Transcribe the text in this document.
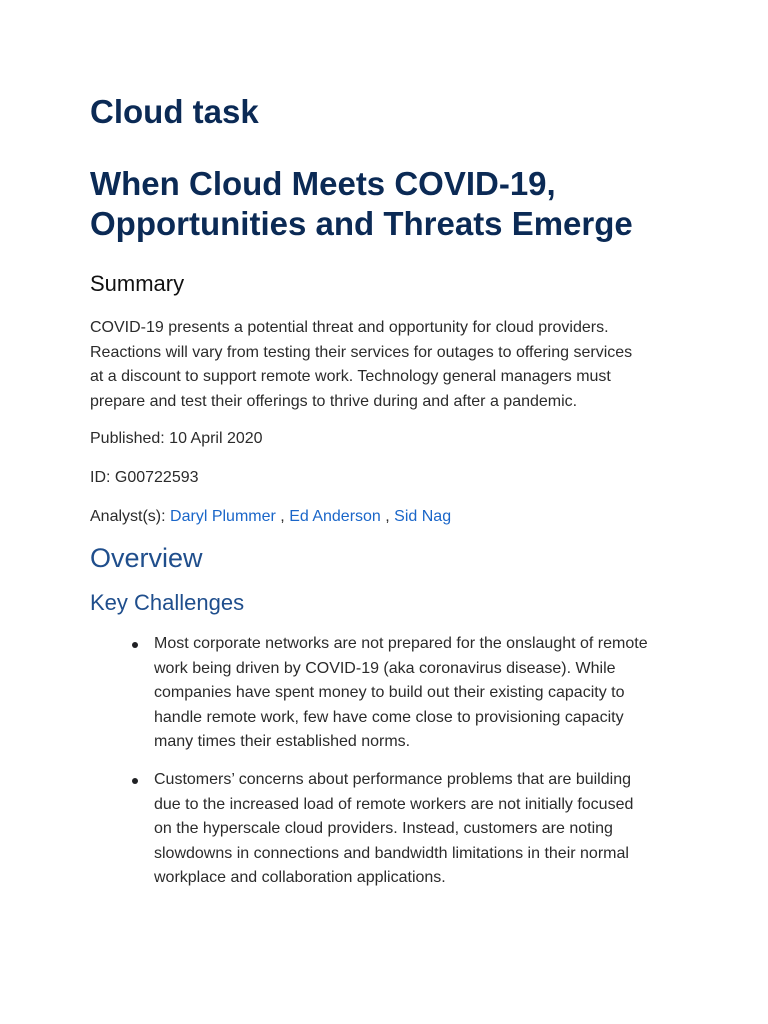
Cloud task
When Cloud Meets COVID-19,
Opportunities and Threats Emerge
Summary

COVID-19 presents a potential threat and opportunity for cloud providers.
Reactions will vary from testing their services for outages to offering services
at a discount to support remote work. Technology general managers must
prepare and test their offerings to thrive during and after a pandemic.

Published: 10 April 2020

ID: G00722593

Analyst(s): Daryl Plummer , Ed Anderson , Sid Nag

Overview
Key Challenges
Most corporate networks are not prepared for the onslaught of remote
work being driven by COVID-19 (aka coronavirus disease). While
companies have spent money to build out their existing capacity to
handle remote work, few have come close to provisioning capacity
many times their established norms.
Customers’ concerns about performance problems that are building
due to the increased load of remote workers are not initially focused
on the hyperscale cloud providers. Instead, customers are noting
slowdowns in connections and bandwidth limitations in their normal
workplace and collaboration applications.
